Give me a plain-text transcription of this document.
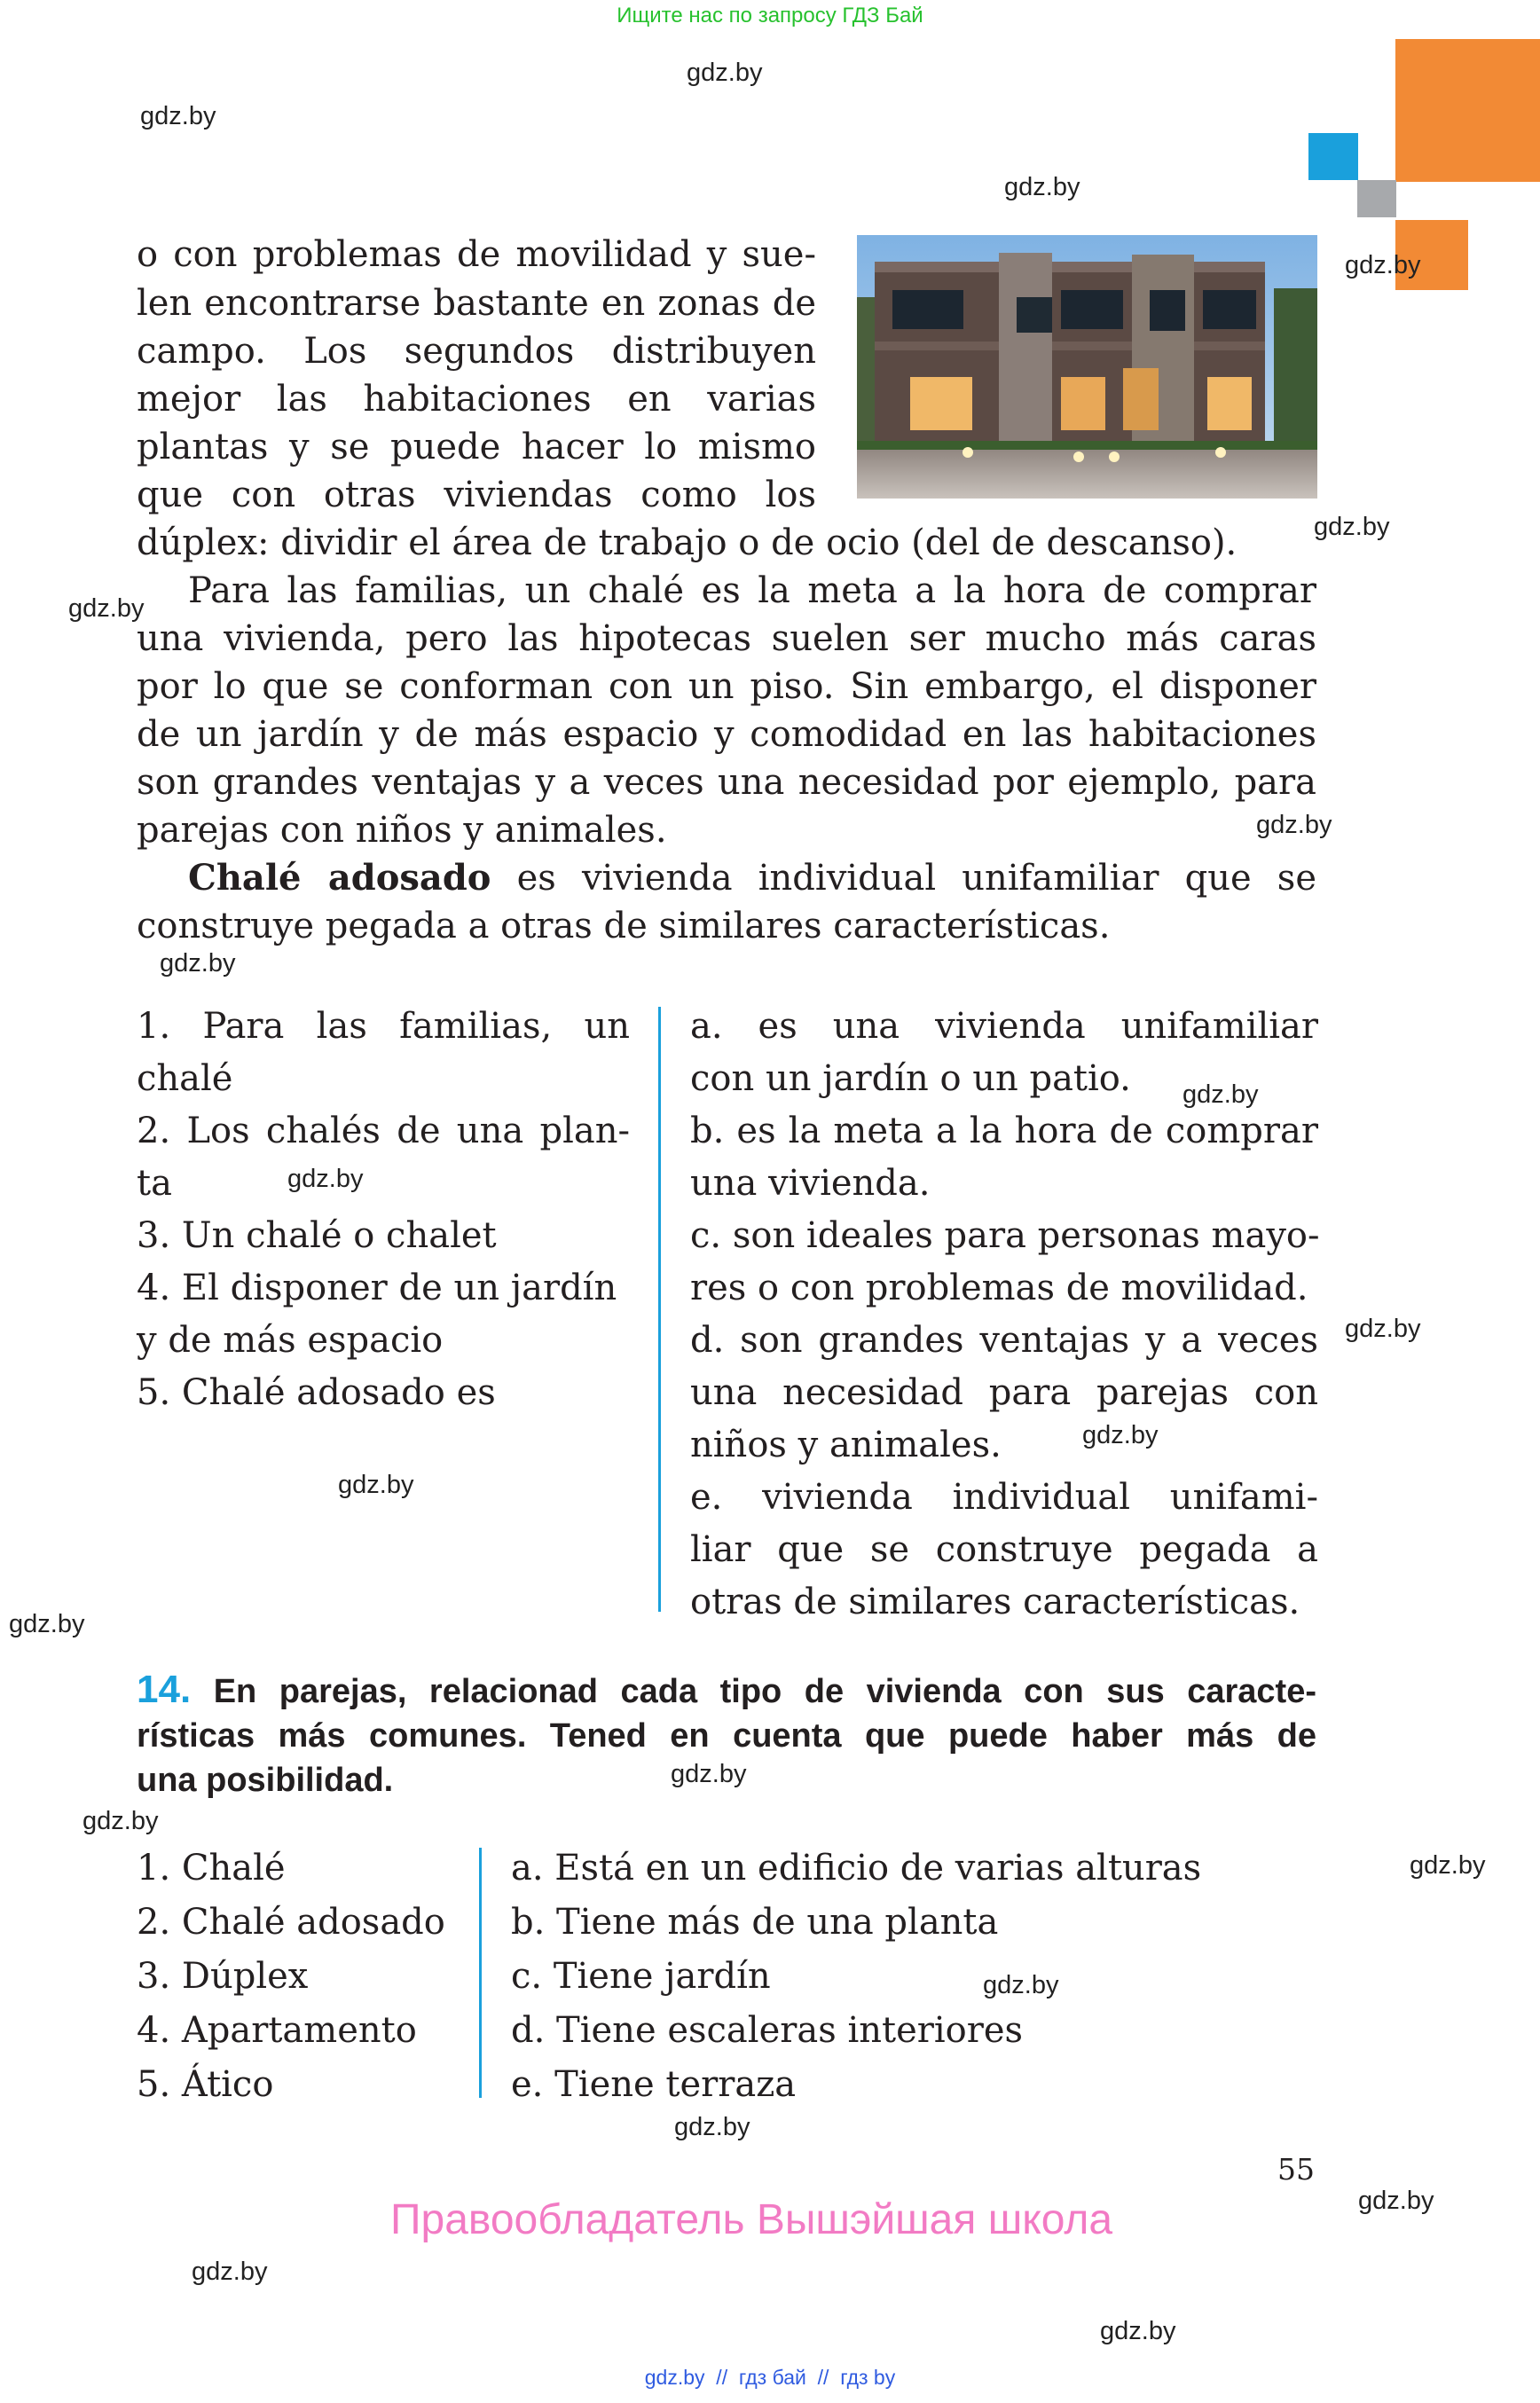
Ищите нас по запросу ГДЗ Бай
o con problemas de movilidad y sue-
len encontrarse bastante en zonas de
campo. Los segundos distribuyen
mejor las habitaciones en varias
plantas y se puede hacer lo mismo
que con otras viviendas como los
dúplex: dividir el área de trabajo o de ocio (del de descanso).
Para las familias, un chalé es la meta a la hora de comprar
una vivienda, pero las hipotecas suelen ser mucho más caras
por lo que se conforman con un piso. Sin embargo, el disponer
de un jardín y de más espacio y comodidad en las habitaciones
son grandes ventajas y a veces una necesidad por ejemplo, para
parejas con niños y animales.
Chalé adosado es vivienda individual unifamiliar que se
construye pegada a otras de similares características.
1. Para las familias, un
chalé
2. Los chalés de una plan-
ta
3. Un chalé o chalet
4. El disponer de un jardín
y de más espacio
5. Chalé adosado es
a. es una vivienda unifamiliar
con un jardín o un patio.
b. es la meta a la hora de comprar
una vivienda.
c. son ideales para personas mayo-
res o con problemas de movilidad.
d. son grandes ventajas y a veces
una necesidad para parejas con
niños y animales.
e. vivienda individual unifami-
liar que se construye pegada a
otras de similares características.
14. En parejas, relacionad cada tipo de vivienda con sus caracte-
rísticas más comunes. Tened en cuenta que puede haber más de
una posibilidad.
1. Chalé
2. Chalé adosado
3. Dúplex
4. Apartamento
5. Ático
a. Está en un edificio de varias alturas
b. Tiene más de una planta
c. Tiene jardín
d. Tiene escaleras interiores
e. Tiene terraza
55
Правообладатель Вышэйшая школа
gdz.by  //  гдз бай  //  гдз by
gdz.by
gdz.by
gdz.by
gdz.by
gdz.by
gdz.by
gdz.by
gdz.by
gdz.by
gdz.by
gdz.by
gdz.by
gdz.by
gdz.by
gdz.by
gdz.by
gdz.by
gdz.by
gdz.by
gdz.by
gdz.by
gdz.by
